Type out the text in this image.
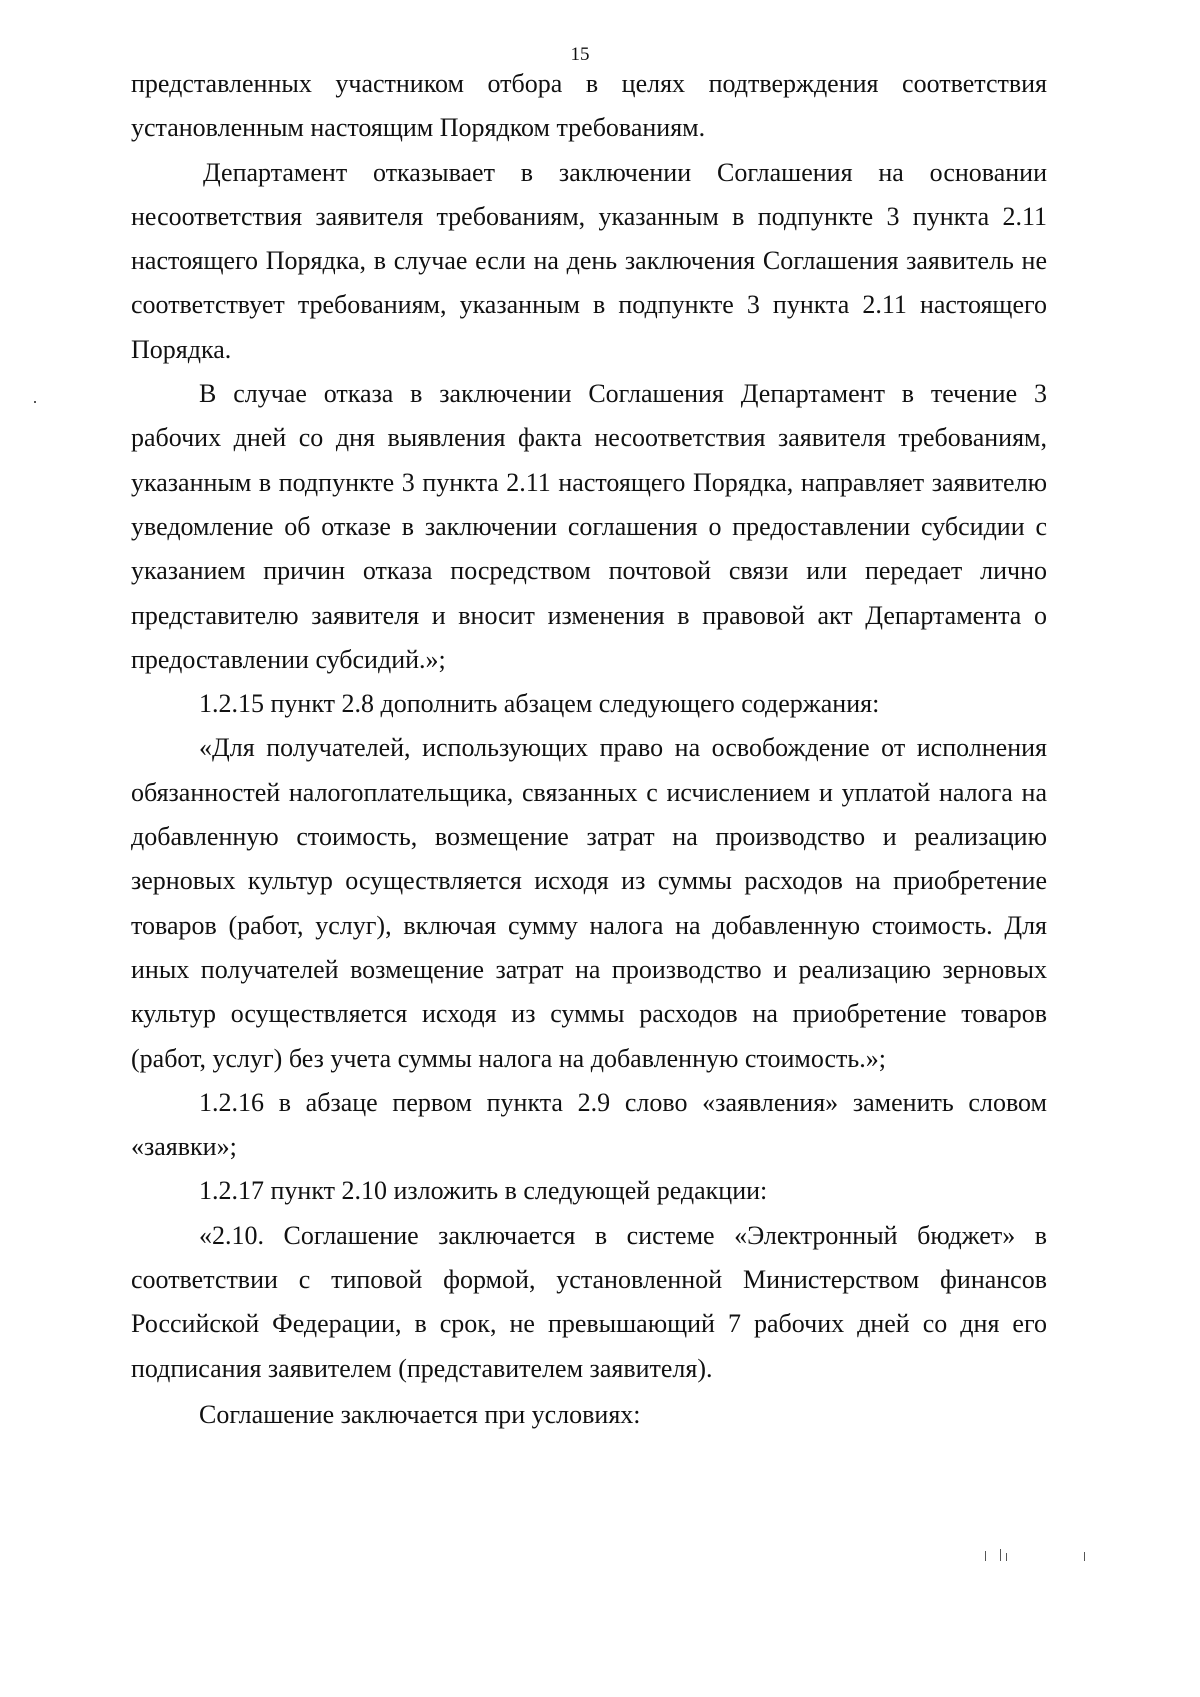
15

представленных участником отбора в целях подтверждения соответствия установленным настоящим Порядком требованиям.

Департамент отказывает в заключении Соглашения на основании несоответствия заявителя требованиям, указанным в подпункте 3 пункта 2.11 настоящего Порядка, в случае если на день заключения Соглашения заявитель не соответствует требованиям, указанным в подпункте 3 пункта 2.11 настоящего Порядка.

В случае отказа в заключении Соглашения Департамент в течение 3 рабочих дней со дня выявления факта несоответствия заявителя требованиям, указанным в подпункте 3 пункта 2.11 настоящего Порядка, направляет заявителю уведомление об отказе в заключении соглашения о предоставлении субсидии с указанием причин отказа посредством почтовой связи или передает лично представителю заявителя и вносит изменения в правовой акт Департамента о предоставлении субсидий.»;

1.2.15 пункт 2.8 дополнить абзацем следующего содержания:

«Для получателей, использующих право на освобождение от исполнения обязанностей налогоплательщика, связанных с исчислением и уплатой налога на добавленную стоимость, возмещение затрат на производство и реализацию зерновых культур осуществляется исходя из суммы расходов на приобретение товаров (работ, услуг), включая сумму налога на добавленную стоимость. Для иных получателей возмещение затрат на производство и реализацию зерновых культур осуществляется исходя из суммы расходов на приобретение товаров (работ, услуг) без учета суммы налога на добавленную стоимость.»;

1.2.16 в абзаце первом пункта 2.9 слово «заявления» заменить словом «заявки»;

1.2.17 пункт 2.10 изложить в следующей редакции:

«2.10. Соглашение заключается в системе «Электронный бюджет» в соответствии с типовой формой, установленной Министерством финансов Российской Федерации, в срок, не превышающий 7 рабочих дней со дня его подписания заявителем (представителем заявителя).

Соглашение заключается при условиях:
